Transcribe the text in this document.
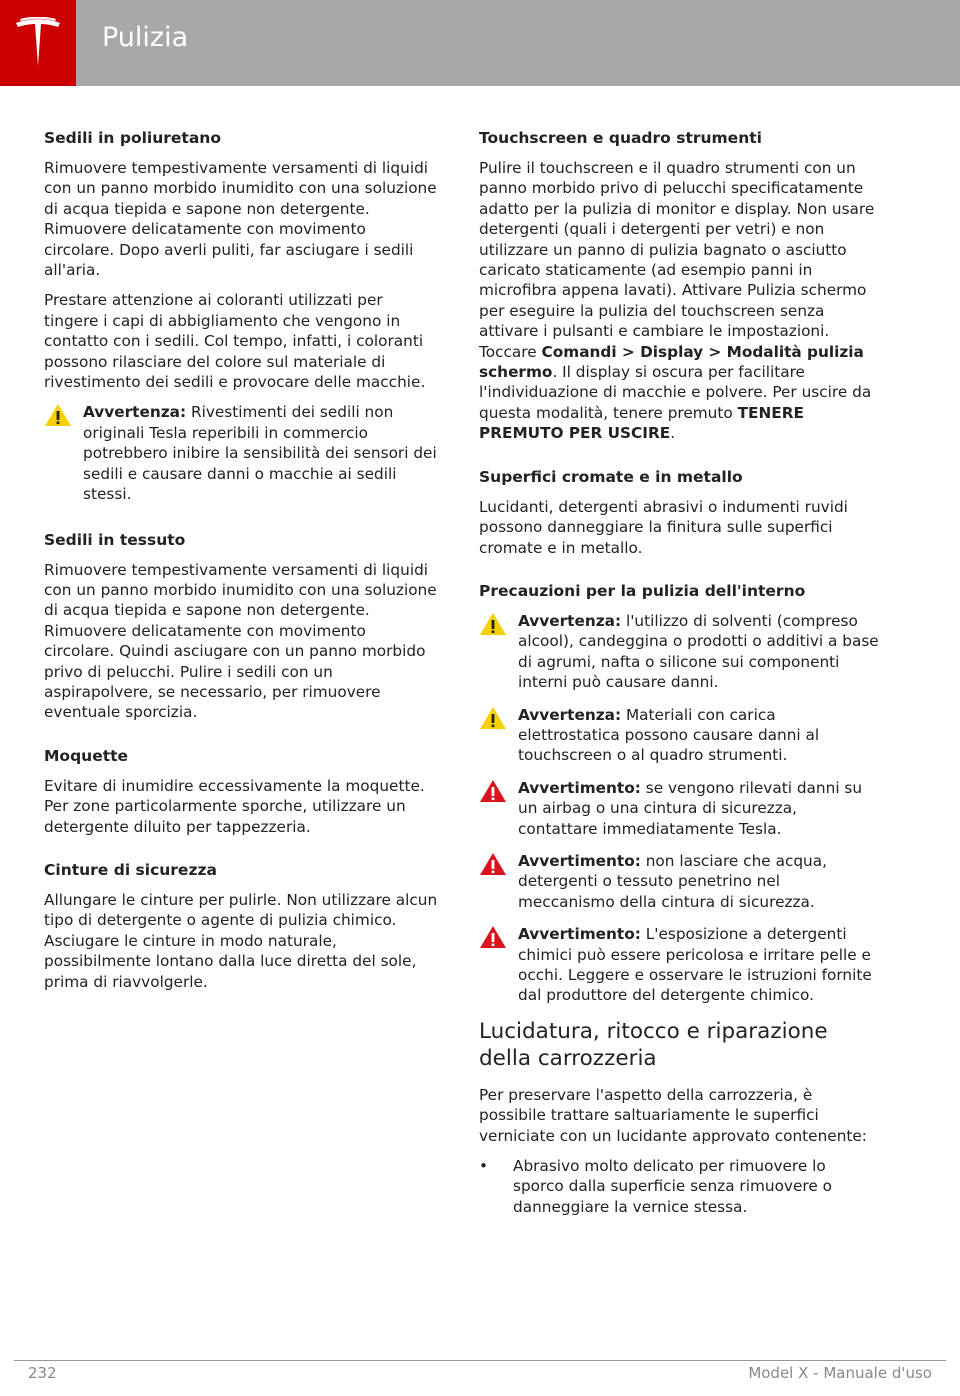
Pulizia
Sedili in poliuretano
Rimuovere tempestivamente versamenti di liquidi con un panno morbido inumidito con una soluzione di acqua tiepida e sapone non detergente. Rimuovere delicatamente con movimento circolare. Dopo averli puliti, far asciugare i sedili all'aria.
Prestare attenzione ai coloranti utilizzati per tingere i capi di abbigliamento che vengono in contatto con i sedili. Col tempo, infatti, i coloranti possono rilasciare del colore sul materiale di rivestimento dei sedili e provocare delle macchie.
Avvertenza: Rivestimenti dei sedili non originali Tesla reperibili in commercio potrebbero inibire la sensibilità dei sensori dei sedili e causare danni o macchie ai sedili stessi.
Sedili in tessuto
Rimuovere tempestivamente versamenti di liquidi con un panno morbido inumidito con una soluzione di acqua tiepida e sapone non detergente. Rimuovere delicatamente con movimento circolare. Quindi asciugare con un panno morbido privo di pelucchi. Pulire i sedili con un aspirapolvere, se necessario, per rimuovere eventuale sporcizia.
Moquette
Evitare di inumidire eccessivamente la moquette. Per zone particolarmente sporche, utilizzare un detergente diluito per tappezzeria.
Cinture di sicurezza
Allungare le cinture per pulirle. Non utilizzare alcun tipo di detergente o agente di pulizia chimico. Asciugare le cinture in modo naturale, possibilmente lontano dalla luce diretta del sole, prima di riavvolgerle.
Touchscreen e quadro strumenti
Pulire il touchscreen e il quadro strumenti con un panno morbido privo di pelucchi specificatamente adatto per la pulizia di monitor e display. Non usare detergenti (quali i detergenti per vetri) e non utilizzare un panno di pulizia bagnato o asciutto caricato staticamente (ad esempio panni in microfibra appena lavati). Attivare Pulizia schermo per eseguire la pulizia del touchscreen senza attivare i pulsanti e cambiare le impostazioni. Toccare Comandi > Display > Modalità pulizia schermo. Il display si oscura per facilitare l'individuazione di macchie e polvere. Per uscire da questa modalità, tenere premuto TENERE PREMUTO PER USCIRE.
Superfici cromate e in metallo
Lucidanti, detergenti abrasivi o indumenti ruvidi possono danneggiare la finitura sulle superfici cromate e in metallo.
Precauzioni per la pulizia dell'interno
Avvertenza: l'utilizzo di solventi (compreso alcool), candeggina o prodotti o additivi a base di agrumi, nafta o silicone sui componenti interni può causare danni.
Avvertenza: Materiali con carica elettrostatica possono causare danni al touchscreen o al quadro strumenti.
Avvertimento: se vengono rilevati danni su un airbag o una cintura di sicurezza, contattare immediatamente Tesla.
Avvertimento: non lasciare che acqua, detergenti o tessuto penetrino nel meccanismo della cintura di sicurezza.
Avvertimento: L'esposizione a detergenti chimici può essere pericolosa e irritare pelle e occhi. Leggere e osservare le istruzioni fornite dal produttore del detergente chimico.
Lucidatura, ritocco e riparazione della carrozzeria
Per preservare l'aspetto della carrozzeria, è possibile trattare saltuariamente le superfici verniciate con un lucidante approvato contenente:
• Abrasivo molto delicato per rimuovere lo sporco dalla superficie senza rimuovere o danneggiare la vernice stessa.
232	Model X - Manuale d'uso
